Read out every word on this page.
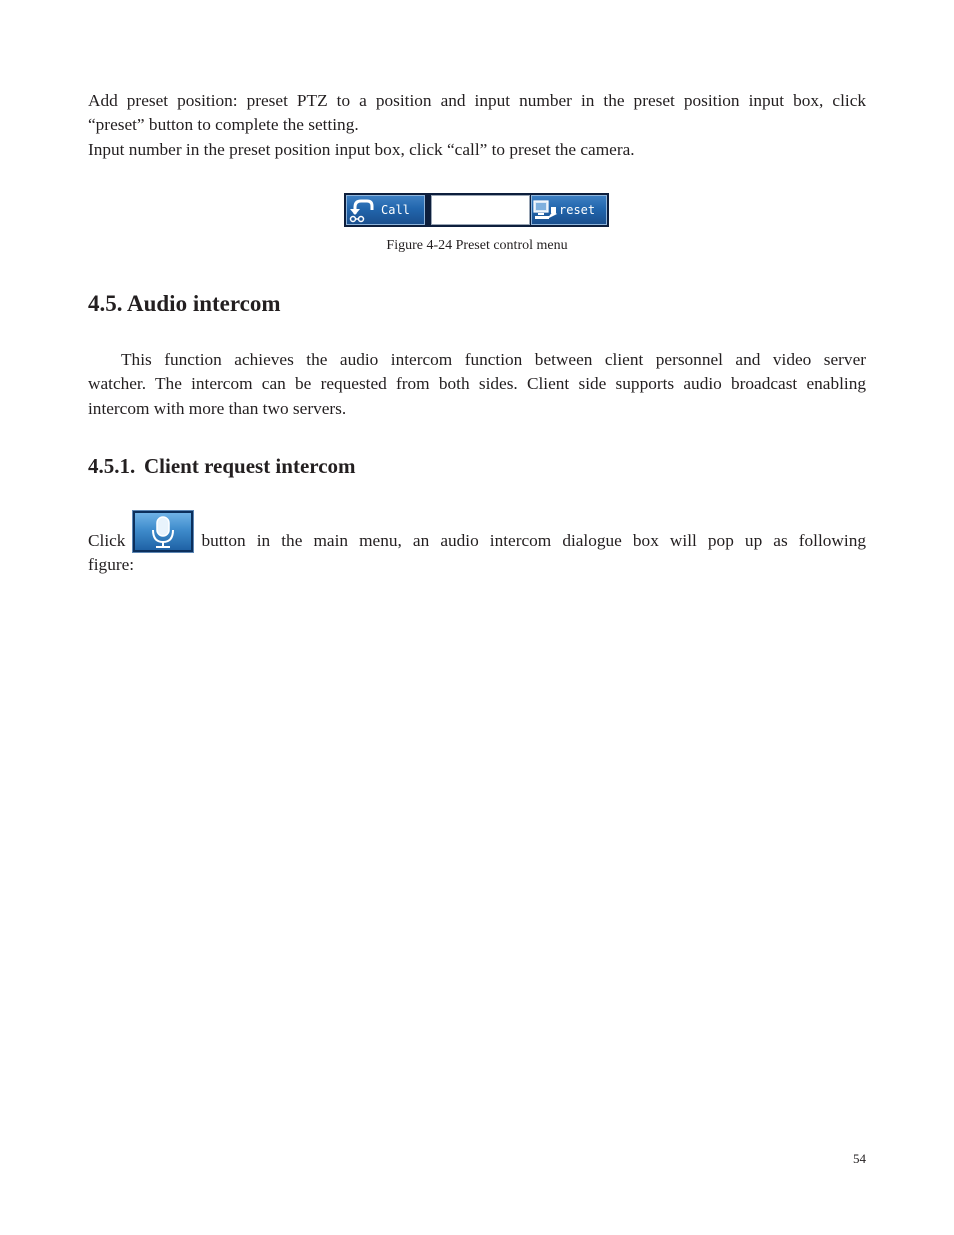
Add preset position: preset PTZ to a position and input number in the preset position input box, click
“preset” button to complete the setting.
Input number in the preset position input box, click “call” to preset the camera.

Call	reset

Figure 4-24 Preset control menu

4.5. Audio intercom

This function achieves the audio intercom function between client personnel and video server
watcher. The intercom can be requested from both sides. Client side supports audio broadcast enabling
intercom with more than two servers.

4.5.1. Client request intercom
Click	button in the main menu, an audio intercom dialogue box will pop up as following
figure:

54
